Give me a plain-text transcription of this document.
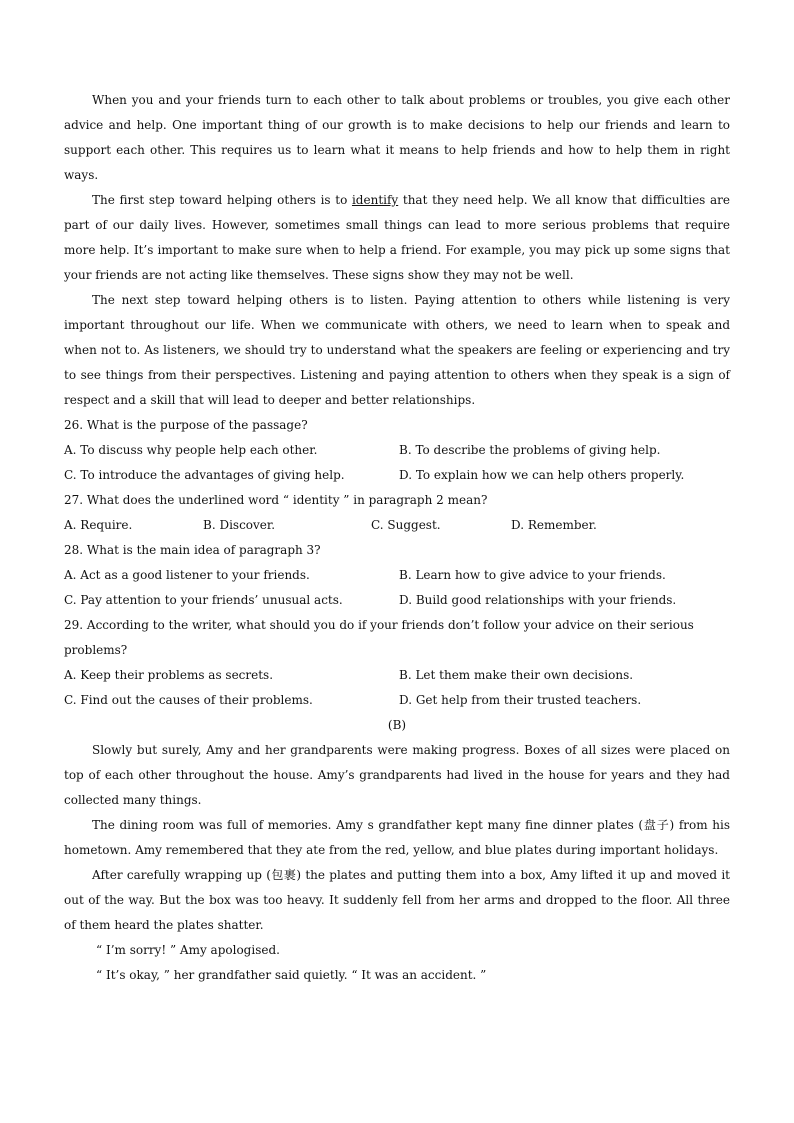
When you and your friends turn to each other to talk about problems or troubles, you give each other advice and help. One important thing of our growth is to make decisions to help our friends and learn to support each other. This requires us to learn what it means to help friends and how to help them in right ways.

The first step toward helping others is to identify that they need help. We all know that difficulties are part of our daily lives. However, sometimes small things can lead to more serious problems that require more help. It’s important to make sure when to help a friend. For example, you may pick up some signs that your friends are not acting like themselves. These signs show they may not be well.

The next step toward helping others is to listen. Paying attention to others while listening is very important throughout our life. When we communicate with others, we need to learn when to speak and when not to. As listeners, we should try to understand what the speakers are feeling or experiencing and try to see things from their perspectives. Listening and paying attention to others when they speak is a sign of respect and a skill that will lead to deeper and better relationships.

26. What is the purpose of the passage?

A. To discuss why people help each other.	B. To describe the problems of giving help.
C. To introduce the advantages of giving help.	D. To explain how we can help others properly.

27. What does the underlined word “ identity ” in paragraph 2 mean?

A. Require.	B. Discover.	C. Suggest.	D. Remember.

28. What is the main idea of paragraph 3?

A. Act as a good listener to your friends.	B. Learn how to give advice to your friends.
C. Pay attention to your friends’ unusual acts.	D. Build good relationships with your friends.

29. According to the writer, what should you do if your friends don’t follow your advice on their serious problems?

A. Keep their problems as secrets.	B. Let them make their own decisions.
C. Find out the causes of their problems.	D. Get help from their trusted teachers.

(B)

Slowly but surely, Amy and her grandparents were making progress. Boxes of all sizes were placed on top of each other throughout the house. Amy’s grandparents had lived in the house for years and they had collected many things.

The dining room was full of memories. Amy s grandfather kept many fine dinner plates (盘子) from his hometown. Amy remembered that they ate from the red, yellow, and blue plates during important holidays.

After carefully wrapping up (包裹) the plates and putting them into a box, Amy lifted it up and moved it out of the way. But the box was too heavy. It suddenly fell from her arms and dropped to the floor. All three of them heard the plates shatter.

“ I’m sorry! ” Amy apologised.

“ It’s okay, ” her grandfather said quietly. “ It was an accident. ”
